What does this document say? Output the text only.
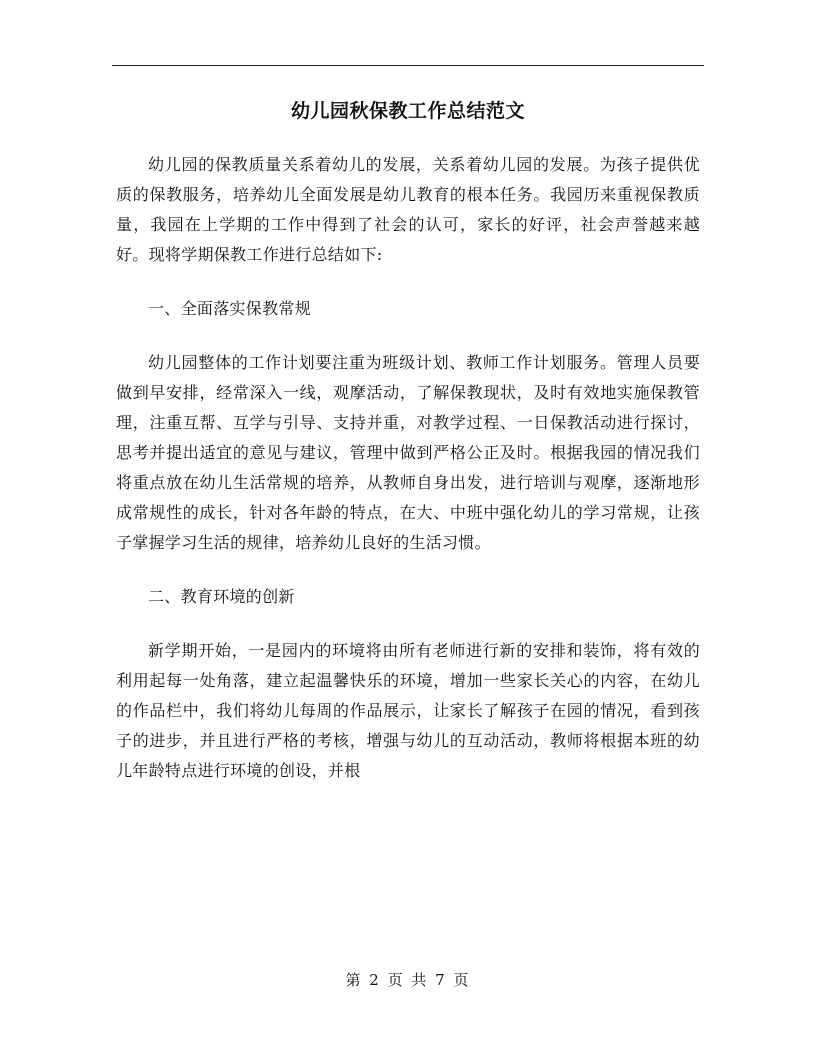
幼儿园秋保教工作总结范文

幼儿园的保教质量关系着幼儿的发展，关系着幼儿园的发展。为孩子提供优质的保教服务，培养幼儿全面发展是幼儿教育的根本任务。我园历来重视保教质量，我园在上学期的工作中得到了社会的认可，家长的好评，社会声誉越来越好。现将学期保教工作进行总结如下:

一、全面落实保教常规

幼儿园整体的工作计划要注重为班级计划、教师工作计划服务。管理人员要做到早安排，经常深入一线，观摩活动，了解保教现状，及时有效地实施保教管理，注重互帮、互学与引导、支持并重，对教学过程、一日保教活动进行探讨，思考并提出适宜的意见与建议，管理中做到严格公正及时。根据我园的情况我们将重点放在幼儿生活常规的培养，从教师自身出发，进行培训与观摩，逐渐地形成常规性的成长，针对各年龄的特点，在大、中班中强化幼儿的学习常规，让孩子掌握学习生活的规律，培养幼儿良好的生活习惯。

二、教育环境的创新

新学期开始，一是园内的环境将由所有老师进行新的安排和装饰，将有效的利用起每一处角落，建立起温馨快乐的环境，增加一些家长关心的内容，在幼儿的作品栏中，我们将幼儿每周的作品展示，让家长了解孩子在园的情况，看到孩子的进步，并且进行严格的考核，增强与幼儿的互动活动，教师将根据本班的幼儿年龄特点进行环境的创设，并根

第 2 页 共 7 页
